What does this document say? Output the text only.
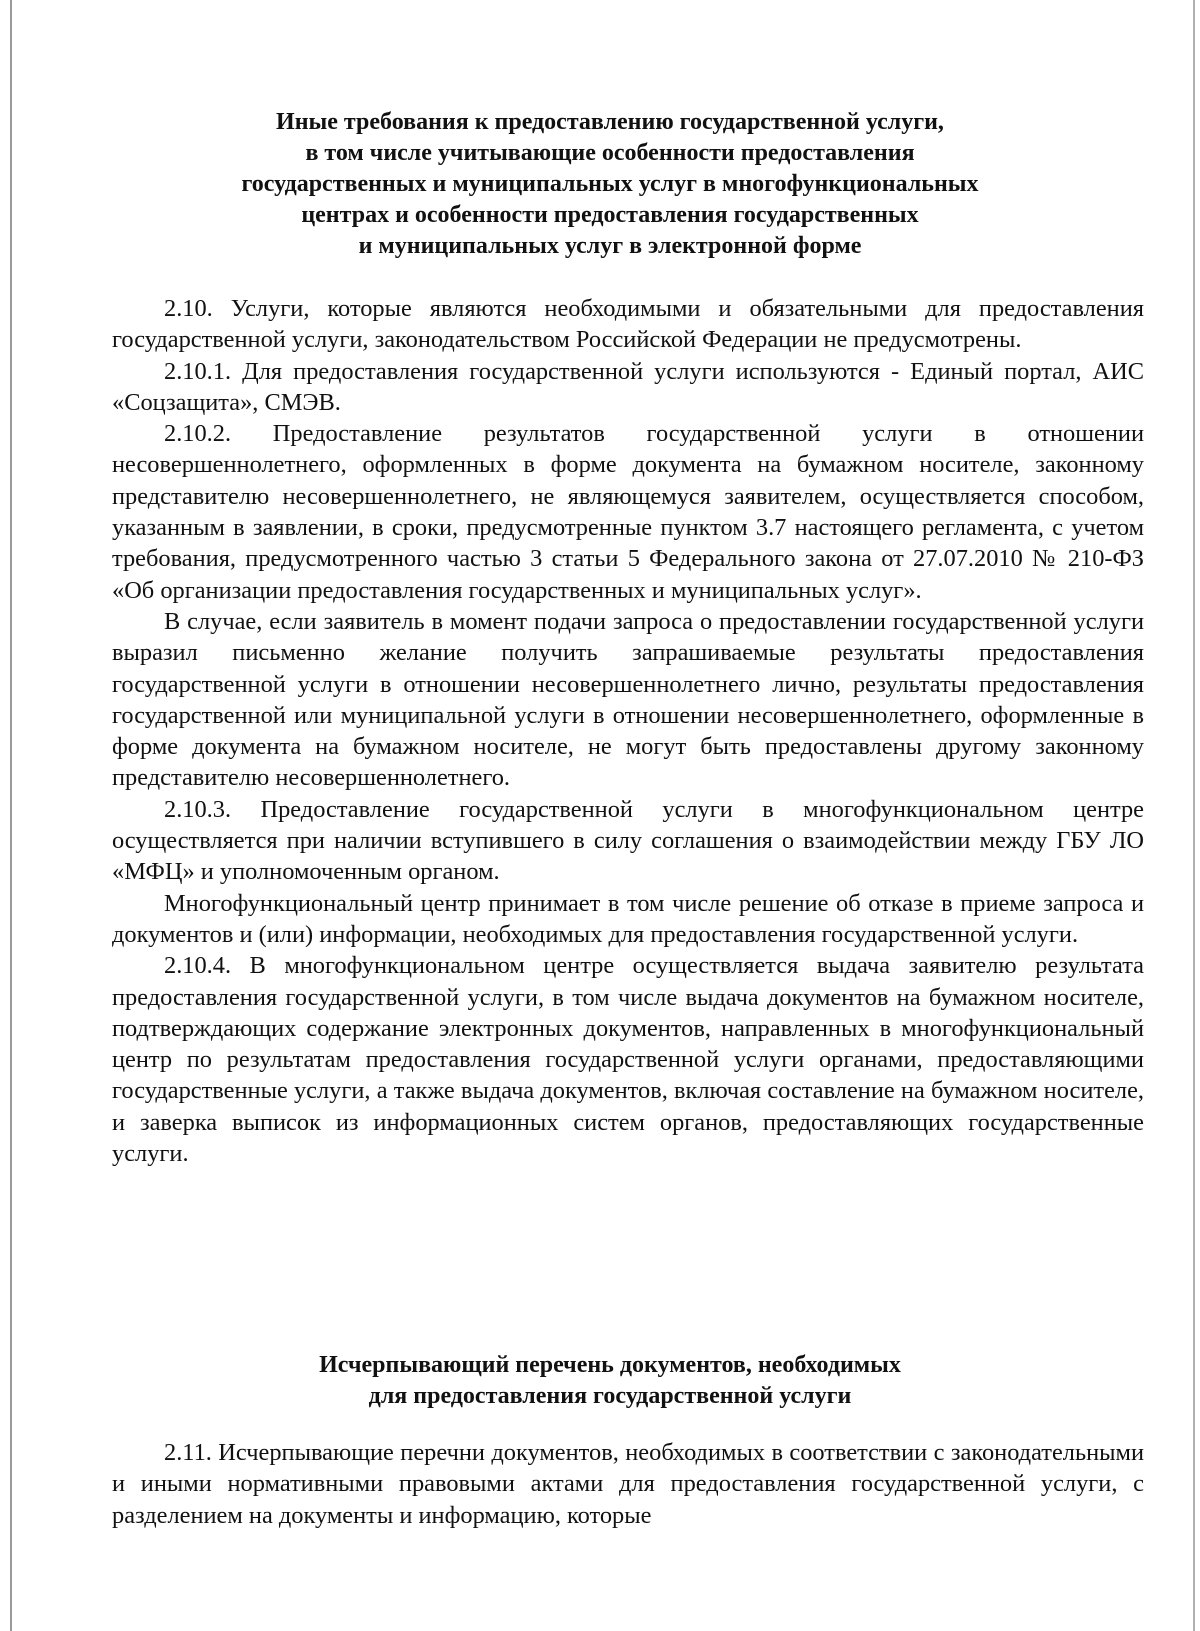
Иные требования к предоставлению государственной услуги,
в том числе учитывающие особенности предоставления
государственных и муниципальных услуг в многофункциональных
центрах и особенности предоставления государственных
и муниципальных услуг в электронной форме

2.10. Услуги, которые являются необходимыми и обязательными для предоставления государственной услуги, законодательством Российской Федерации не предусмотрены.

2.10.1. Для предоставления государственной услуги используются - Единый портал, АИС «Соцзащита», СМЭВ.

2.10.2. Предоставление результатов государственной услуги в отношении несовершеннолетнего, оформленных в форме документа на бумажном носителе, законному представителю несовершеннолетнего, не являющемуся заявителем, осуществляется способом, указанным в заявлении, в сроки, предусмотренные пунктом 3.7 настоящего регламента, с учетом требования, предусмотренного частью 3 статьи 5 Федерального закона от 27.07.2010 № 210-ФЗ «Об организации предоставления государственных и муниципальных услуг».

В случае, если заявитель в момент подачи запроса о предоставлении государственной услуги выразил письменно желание получить запрашиваемые результаты предоставления государственной услуги в отношении несовершеннолетнего лично, результаты предоставления государственной или муниципальной услуги в отношении несовершеннолетнего, оформленные в форме документа на бумажном носителе, не могут быть предоставлены другому законному представителю несовершеннолетнего.

2.10.3. Предоставление государственной услуги в многофункциональном центре осуществляется при наличии вступившего в силу соглашения о взаимодействии между ГБУ ЛО «МФЦ» и уполномоченным органом.

Многофункциональный центр принимает в том числе решение об отказе в приеме запроса и документов и (или) информации, необходимых для предоставления государственной услуги.

2.10.4. В многофункциональном центре осуществляется выдача заявителю результата предоставления государственной услуги, в том числе выдача документов на бумажном носителе, подтверждающих содержание электронных документов, направленных в многофункциональный центр по результатам предоставления государственной услуги органами, предоставляющими государственные услуги, а также выдача документов, включая составление на бумажном носителе, и заверка выписок из информационных систем органов, предоставляющих государственные услуги.

Исчерпывающий перечень документов, необходимых
для предоставления государственной услуги

2.11. Исчерпывающие перечни документов, необходимых в соответствии с законодательными и иными нормативными правовыми актами для предоставления государственной услуги, с разделением на документы и информацию, которые
